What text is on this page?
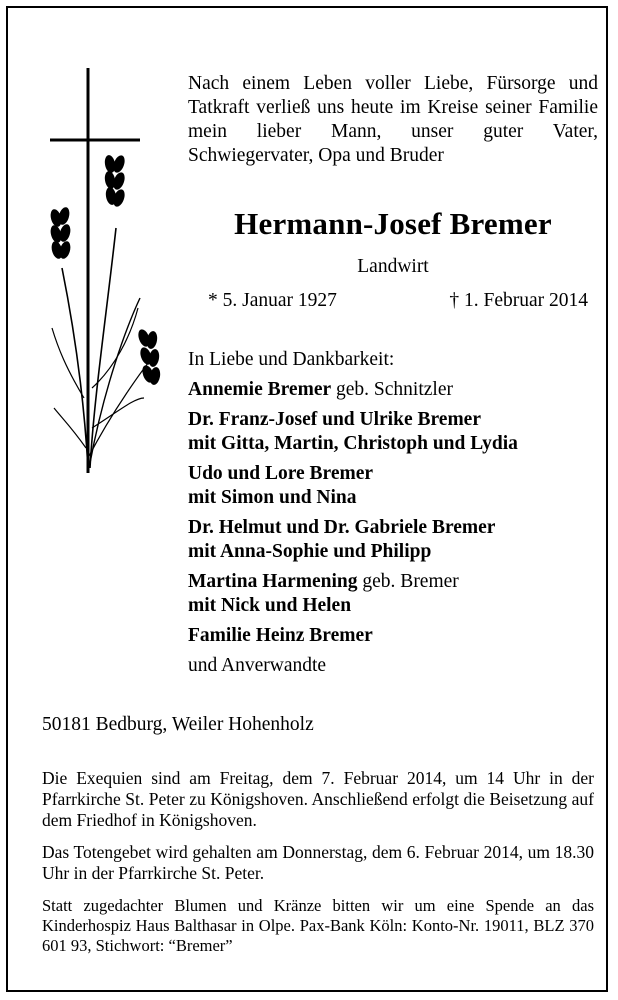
Nach einem Leben voller Liebe, Fürsorge und Tatkraft verließ uns heute im Kreise seiner Familie mein lieber Mann, unser guter Vater, Schwiegervater, Opa und Bruder
Hermann-Josef Bremer
Landwirt
* 5. Januar 1927	† 1. Februar 2014
In Liebe und Dankbarkeit:
Annemie Bremer geb. Schnitzler
Dr. Franz-Josef und Ulrike Bremer
mit Gitta, Martin, Christoph und Lydia
Udo und Lore Bremer
mit Simon und Nina
Dr. Helmut und Dr. Gabriele Bremer
mit Anna-Sophie und Philipp
Martina Harmening geb. Bremer
mit Nick und Helen
Familie Heinz Bremer
und Anverwandte
50181 Bedburg, Weiler Hohenholz
Die Exequien sind am Freitag, dem 7. Februar 2014, um 14 Uhr in der Pfarrkirche St. Peter zu Königshoven. Anschließend erfolgt die Beisetzung auf dem Friedhof in Königshoven.
Das Totengebet wird gehalten am Donnerstag, dem 6. Februar 2014, um 18.30 Uhr in der Pfarrkirche St. Peter.
Statt zugedachter Blumen und Kränze bitten wir um eine Spende an das Kinderhospiz Haus Balthasar in Olpe. Pax-Bank Köln: Konto-Nr. 19011, BLZ 370 601 93, Stichwort: “Bremer”
